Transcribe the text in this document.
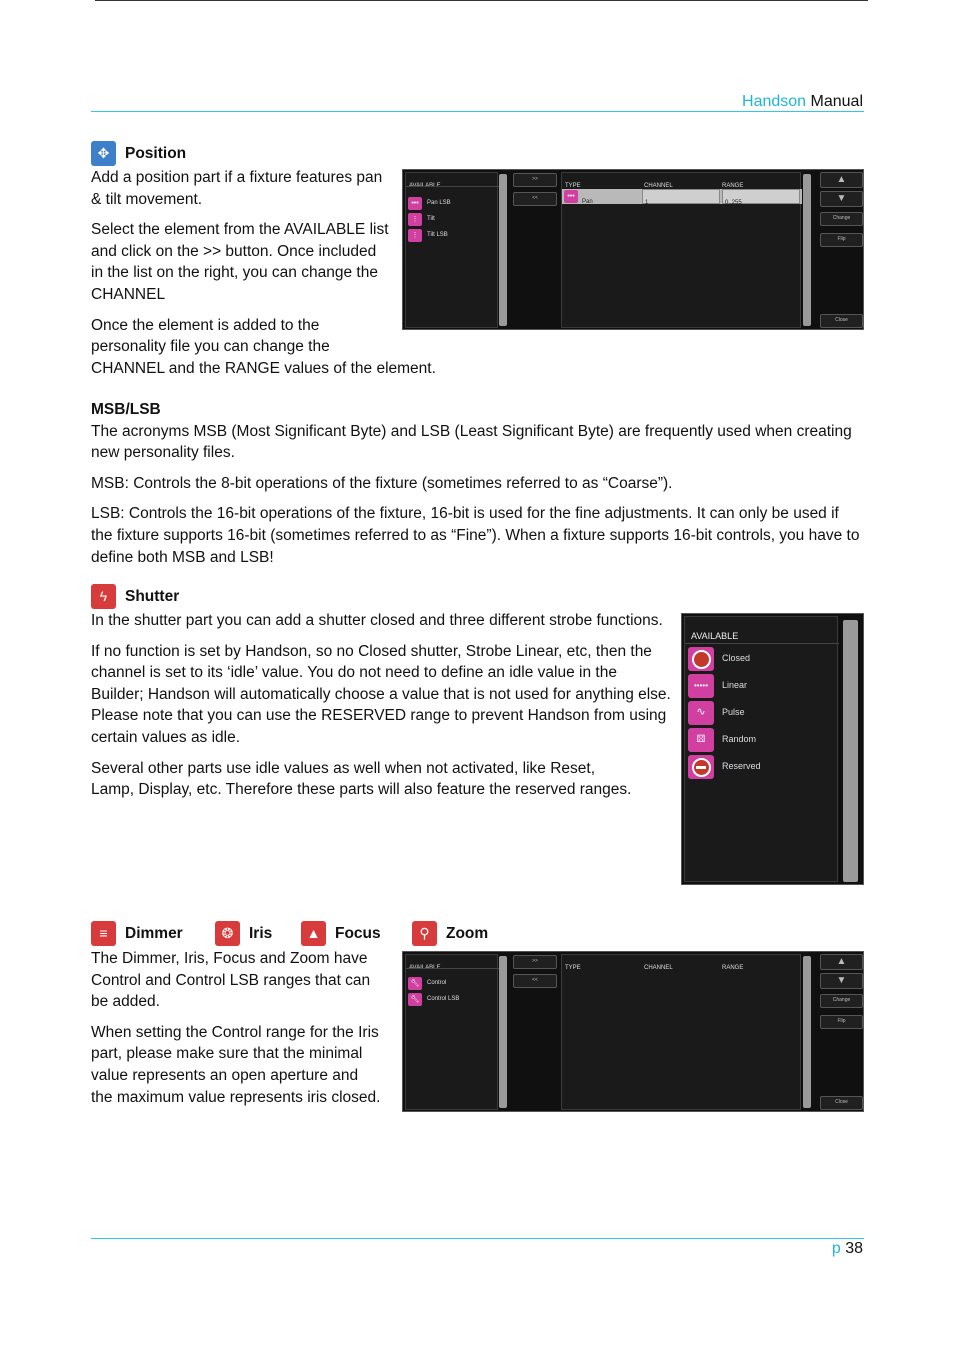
Handson Manual
✥	Position

Add a position part if a fixture features pan & tilt movement.

Select the element from the AVAILABLE list and click on the >> button. Once included in the list on the right, you can change the CHANNEL

Once the element is added to the personality file you can change the

CHANNEL and the RANGE values of the element.
•••	Pan LSB
⋮	Tilt
⋮	Tilt LSB
>>
<<
TYPE	CHANNEL	RANGE
•••
Pan	1	0..255
▲
▼
Change
Flip
Close
MSB/LSB

The acronyms MSB (Most Significant Byte) and LSB (Least Significant Byte) are frequently used when creating new personality files.

MSB: Controls the 8-bit operations of the fixture (sometimes referred to as “Coarse”).

LSB: Controls the 16-bit operations of the fixture, 16-bit is used for the fine adjustments. It can only be used if the fixture supports 16-bit (sometimes referred to as “Fine”). When a fixture supports 16-bit controls, you have to define both MSB and LSB!

ϟ	Shutter

In the shutter part you can add a shutter closed and three different strobe functions.

If no function is set by Handson, so no Closed shutter, Strobe Linear, etc, then the channel is set to its ‘idle’ value. You do not need to define an idle value in the Builder; Handson will automatically choose a value that is not used for anything else. Please note that you can use the RESERVED range to prevent Handson from using certain values as idle.

Several other parts use idle values as well when not activated, like Reset, Lamp, Display, etc. Therefore these parts will also feature the reserved ranges.

AVAILABLE
Closed
•••••	Linear
∿	Pulse
⚄	Random
Reserved
≡	Dimmer	❂	Iris	▲ Focus	⚲	Zoom

The Dimmer, Iris, Focus and Zoom have Control and Control LSB ranges that can be added.

When setting the Control range for the Iris part, please make sure that the minimal value represents an open aperture and the maximum value represents iris closed.

🔧︎	Control
🔧︎	Control LSB
>>
<<
TYPE	CHANNEL	RANGE
▲
▼
Change
Flip
Close
p 38
